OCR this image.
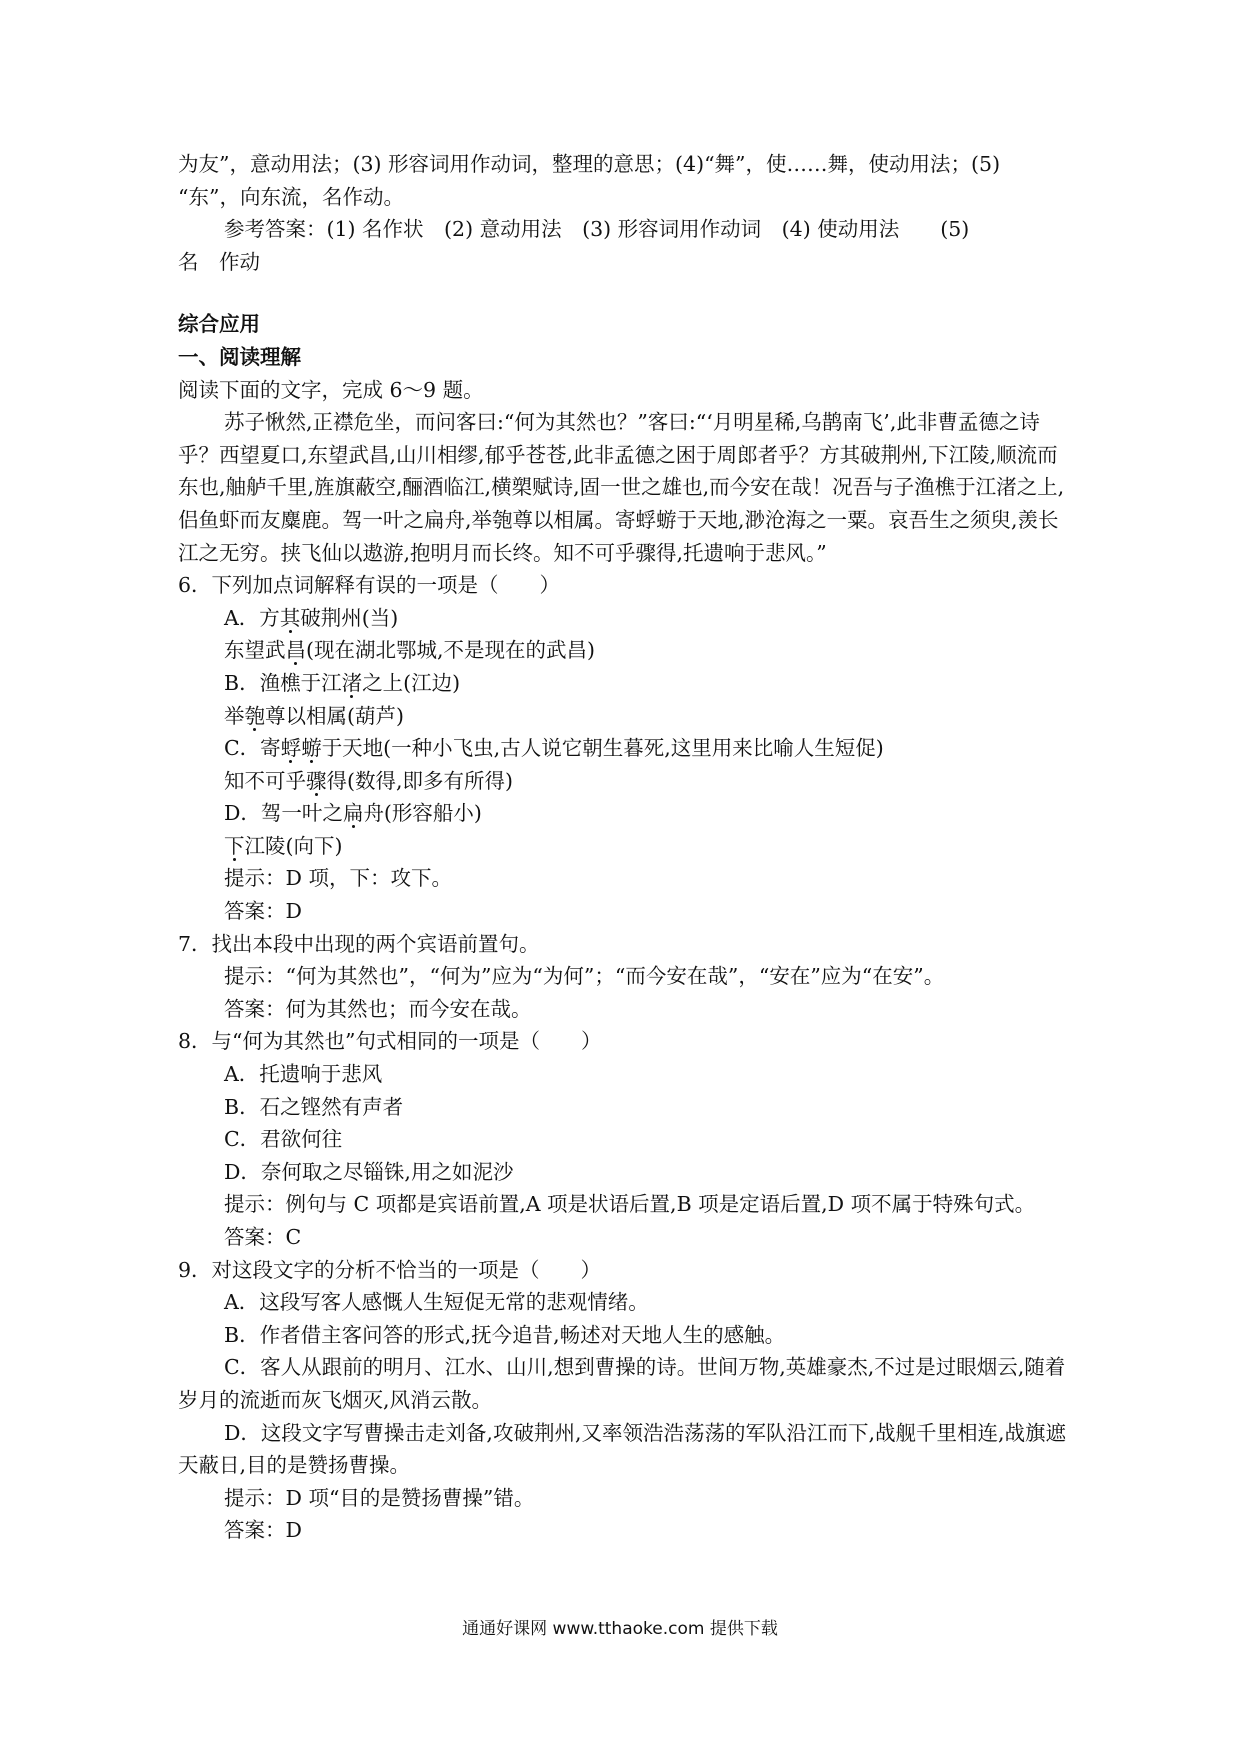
为友”，意动用法；(3) 形容词用作动词，整理的意思；(4)“舞”，使……舞，使动用法；(5)

“东”，向东流，名作动。

参考答案：(1) 名作状　(2) 意动用法　(3) 形容词用作动词　(4) 使动用法　　(5)

名　作动

综合应用

一、阅读理解

阅读下面的文字，完成 6～9 题。

苏子愀然,正襟危坐，而问客曰:“何为其然也？”客曰:“‘月明星稀,乌鹊南飞’,此非曹孟德之诗乎？西望夏口,东望武昌,山川相缪,郁乎苍苍,此非孟德之困于周郎者乎？方其破荆州,下江陵,顺流而东也,舳舻千里,旌旗蔽空,酾酒临江,横槊赋诗,固一世之雄也,而今安在哉！况吾与子渔樵于江渚之上,侣鱼虾而友麋鹿。驾一叶之扁舟,举匏尊以相属。寄蜉蝣于天地,渺沧海之一粟。哀吾生之须臾,羡长江之无穷。挟飞仙以遨游,抱明月而长终。知不可乎骤得,托遗响于悲风。”

6．下列加点词解释有误的一项是（　　）

A．方其破荆州(当)

东望武昌(现在湖北鄂城,不是现在的武昌)

B．渔樵于江渚之上(江边)

举匏尊以相属(葫芦)

C．寄蜉蝣于天地(一种小飞虫,古人说它朝生暮死,这里用来比喻人生短促)

知不可乎骤得(数得,即多有所得)

D．驾一叶之扁舟(形容船小)

下江陵(向下)

提示：D 项，下：攻下。

答案：D

7．找出本段中出现的两个宾语前置句。

提示：“何为其然也”，“何为”应为“为何”；“而今安在哉”，“安在”应为“在安”。

答案：何为其然也；而今安在哉。

8．与“何为其然也”句式相同的一项是（　　）

A．托遗响于悲风

B．石之铿然有声者

C．君欲何往

D．奈何取之尽锱铢,用之如泥沙

提示：例句与 C 项都是宾语前置,A 项是状语后置,B 项是定语后置,D 项不属于特殊句式。

答案：C

9．对这段文字的分析不恰当的一项是（　　）

A．这段写客人感慨人生短促无常的悲观情绪。

B．作者借主客问答的形式,抚今追昔,畅述对天地人生的感触。

C．客人从跟前的明月、江水、山川,想到曹操的诗。世间万物,英雄豪杰,不过是过眼烟云,随着岁月的流逝而灰飞烟灭,风消云散。

D．这段文字写曹操击走刘备,攻破荆州,又率领浩浩荡荡的军队沿江而下,战舰千里相连,战旗遮天蔽日,目的是赞扬曹操。

提示：D 项“目的是赞扬曹操”错。

答案：D

通通好课网 www.tthaoke.com 提供下载
